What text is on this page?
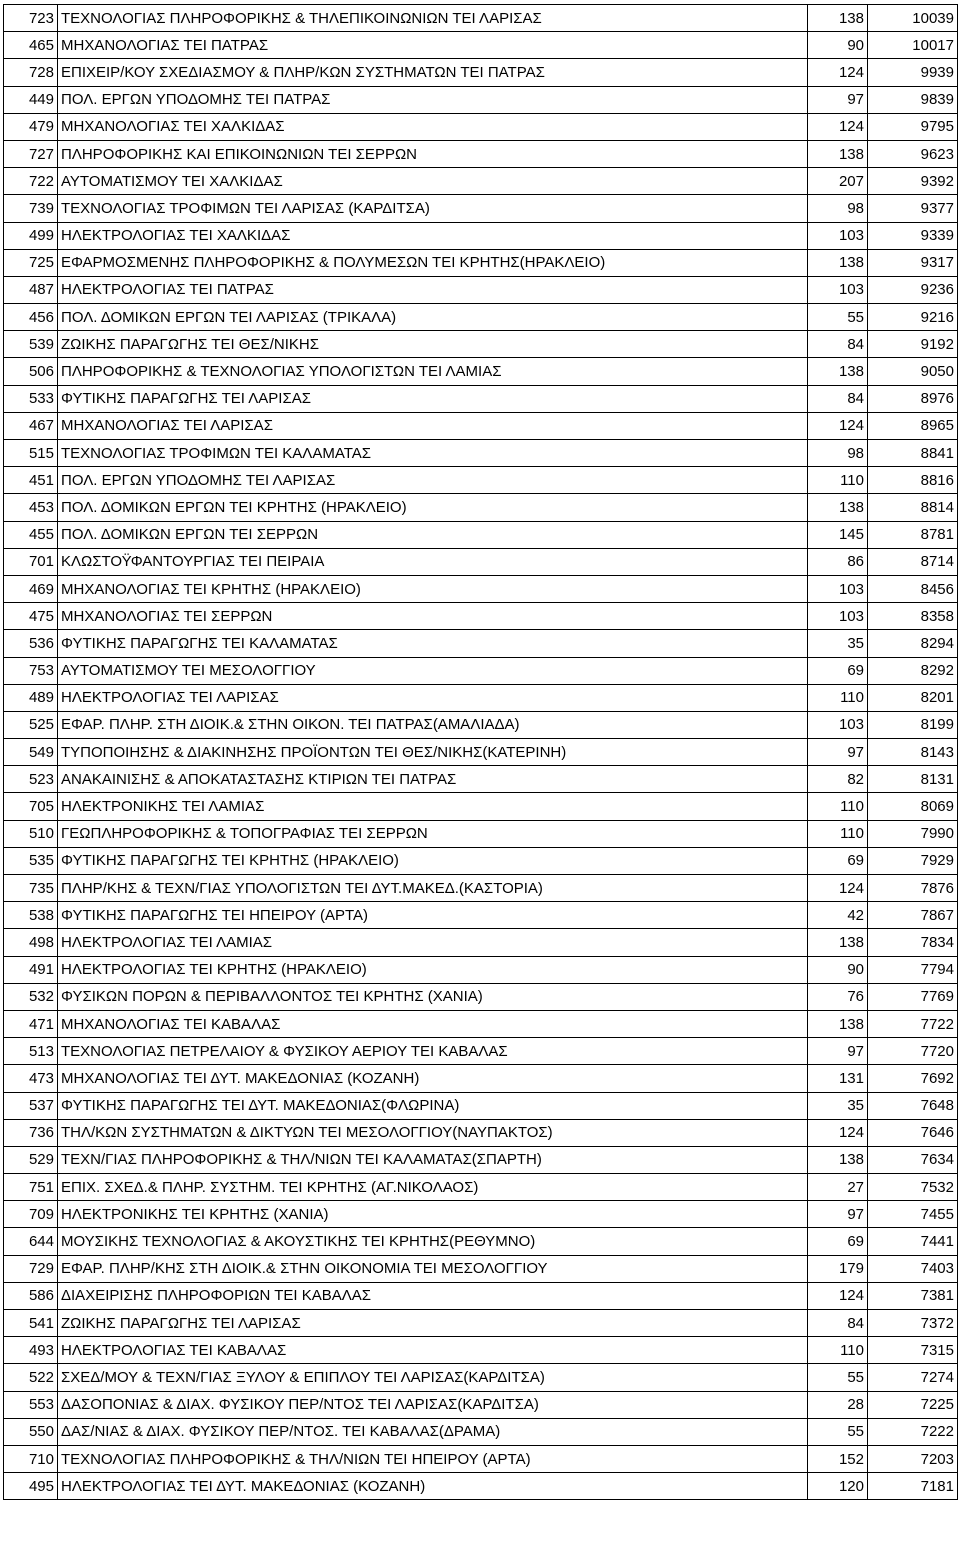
723	ΤΕΧΝΟΛΟΓΙΑΣ ΠΛΗΡΟΦΟΡΙΚΗΣ & ΤΗΛΕΠΙΚΟΙΝΩΝΙΩΝ ΤΕΙ ΛΑΡΙΣΑΣ	138	10039
465	ΜΗΧΑΝΟΛΟΓΙΑΣ ΤΕΙ ΠΑΤΡΑΣ	90	10017
728	ΕΠΙΧΕΙΡ/ΚΟΥ ΣΧΕΔΙΑΣΜΟΥ & ΠΛΗΡ/ΚΩΝ ΣΥΣΤΗΜΑΤΩΝ ΤΕΙ ΠΑΤΡΑΣ	124	9939
449	ΠΟΛ. ΕΡΓΩΝ ΥΠΟΔΟΜΗΣ ΤΕΙ ΠΑΤΡΑΣ	97	9839
479	ΜΗΧΑΝΟΛΟΓΙΑΣ ΤΕΙ ΧΑΛΚΙΔΑΣ	124	9795
727	ΠΛΗΡΟΦΟΡΙΚΗΣ ΚΑΙ ΕΠΙΚΟΙΝΩΝΙΩΝ ΤΕΙ ΣΕΡΡΩΝ	138	9623
722	ΑΥΤΟΜΑΤΙΣΜΟΥ ΤΕΙ ΧΑΛΚΙΔΑΣ	207	9392
739	ΤΕΧΝΟΛΟΓΙΑΣ ΤΡΟΦΙΜΩΝ ΤΕΙ ΛΑΡΙΣΑΣ (ΚΑΡΔΙΤΣΑ)	98	9377
499	ΗΛΕΚΤΡΟΛΟΓΙΑΣ ΤΕΙ ΧΑΛΚΙΔΑΣ	103	9339
725	ΕΦΑΡΜΟΣΜΕΝΗΣ ΠΛΗΡΟΦΟΡΙΚΗΣ & ΠΟΛΥΜΕΣΩΝ ΤΕΙ ΚΡΗΤΗΣ(ΗΡΑΚΛΕΙΟ)	138	9317
487	ΗΛΕΚΤΡΟΛΟΓΙΑΣ ΤΕΙ ΠΑΤΡΑΣ	103	9236
456	ΠΟΛ. ΔΟΜΙΚΩΝ ΕΡΓΩΝ ΤΕΙ ΛΑΡΙΣΑΣ (ΤΡΙΚΑΛΑ)	55	9216
539	ΖΩΙΚΗΣ ΠΑΡΑΓΩΓΗΣ ΤΕΙ ΘΕΣ/ΝΙΚΗΣ	84	9192
506	ΠΛΗΡΟΦΟΡΙΚΗΣ & ΤΕΧΝΟΛΟΓΙΑΣ ΥΠΟΛΟΓΙΣΤΩΝ ΤΕΙ ΛΑΜΙΑΣ	138	9050
533	ΦΥΤΙΚΗΣ ΠΑΡΑΓΩΓΗΣ ΤΕΙ ΛΑΡΙΣΑΣ	84	8976
467	ΜΗΧΑΝΟΛΟΓΙΑΣ ΤΕΙ ΛΑΡΙΣΑΣ	124	8965
515	ΤΕΧΝΟΛΟΓΙΑΣ ΤΡΟΦΙΜΩΝ ΤΕΙ ΚΑΛΑΜΑΤΑΣ	98	8841
451	ΠΟΛ. ΕΡΓΩΝ ΥΠΟΔΟΜΗΣ ΤΕΙ ΛΑΡΙΣΑΣ	110	8816
453	ΠΟΛ. ΔΟΜΙΚΩΝ ΕΡΓΩΝ ΤΕΙ ΚΡΗΤΗΣ (ΗΡΑΚΛΕΙΟ)	138	8814
455	ΠΟΛ. ΔΟΜΙΚΩΝ ΕΡΓΩΝ ΤΕΙ ΣΕΡΡΩΝ	145	8781
701	ΚΛΩΣΤΟΫΦΑΝΤΟΥΡΓΙΑΣ ΤΕΙ ΠΕΙΡΑΙΑ	86	8714
469	ΜΗΧΑΝΟΛΟΓΙΑΣ ΤΕΙ ΚΡΗΤΗΣ (ΗΡΑΚΛΕΙΟ)	103	8456
475	ΜΗΧΑΝΟΛΟΓΙΑΣ ΤΕΙ ΣΕΡΡΩΝ	103	8358
536	ΦΥΤΙΚΗΣ ΠΑΡΑΓΩΓΗΣ ΤΕΙ ΚΑΛΑΜΑΤΑΣ	35	8294
753	ΑΥΤΟΜΑΤΙΣΜΟΥ ΤΕΙ ΜΕΣΟΛΟΓΓΙΟΥ	69	8292
489	ΗΛΕΚΤΡΟΛΟΓΙΑΣ ΤΕΙ ΛΑΡΙΣΑΣ	110	8201
525	ΕΦΑΡ. ΠΛΗΡ. ΣΤΗ ΔΙΟΙΚ.& ΣΤΗΝ ΟΙΚΟΝ. ΤΕΙ ΠΑΤΡΑΣ(ΑΜΑΛΙΑΔΑ)	103	8199
549	ΤΥΠΟΠΟΙΗΣΗΣ & ΔΙΑΚΙΝΗΣΗΣ ΠΡΟΪΟΝΤΩΝ ΤΕΙ ΘΕΣ/ΝΙΚΗΣ(ΚΑΤΕΡΙΝΗ)	97	8143
523	ΑΝΑΚΑΙΝΙΣΗΣ & ΑΠΟΚΑΤΑΣΤΑΣΗΣ ΚΤΙΡΙΩΝ ΤΕΙ ΠΑΤΡΑΣ	82	8131
705	ΗΛΕΚΤΡΟΝΙΚΗΣ ΤΕΙ ΛΑΜΙΑΣ	110	8069
510	ΓΕΩΠΛΗΡΟΦΟΡΙΚΗΣ & ΤΟΠΟΓΡΑΦΙΑΣ ΤΕΙ ΣΕΡΡΩΝ	110	7990
535	ΦΥΤΙΚΗΣ ΠΑΡΑΓΩΓΗΣ ΤΕΙ ΚΡΗΤΗΣ (ΗΡΑΚΛΕΙΟ)	69	7929
735	ΠΛΗΡ/ΚΗΣ & ΤΕΧΝ/ΓΙΑΣ ΥΠΟΛΟΓΙΣΤΩΝ ΤΕΙ ΔΥΤ.ΜΑΚΕΔ.(ΚΑΣΤΟΡΙΑ)	124	7876
538	ΦΥΤΙΚΗΣ ΠΑΡΑΓΩΓΗΣ ΤΕΙ ΗΠΕΙΡΟΥ (ΑΡΤΑ)	42	7867
498	ΗΛΕΚΤΡΟΛΟΓΙΑΣ ΤΕΙ ΛΑΜΙΑΣ	138	7834
491	ΗΛΕΚΤΡΟΛΟΓΙΑΣ ΤΕΙ ΚΡΗΤΗΣ (ΗΡΑΚΛΕΙΟ)	90	7794
532	ΦΥΣΙΚΩΝ ΠΟΡΩΝ & ΠΕΡΙΒΑΛΛΟΝΤΟΣ ΤΕΙ ΚΡΗΤΗΣ (ΧΑΝΙΑ)	76	7769
471	ΜΗΧΑΝΟΛΟΓΙΑΣ ΤΕΙ ΚΑΒΑΛΑΣ	138	7722
513	ΤΕΧΝΟΛΟΓΙΑΣ ΠΕΤΡΕΛΑΙΟΥ & ΦΥΣΙΚΟΥ ΑΕΡΙΟΥ ΤΕΙ ΚΑΒΑΛΑΣ	97	7720
473	ΜΗΧΑΝΟΛΟΓΙΑΣ ΤΕΙ ΔΥΤ. ΜΑΚΕΔΟΝΙΑΣ (ΚΟΖΑΝΗ)	131	7692
537	ΦΥΤΙΚΗΣ ΠΑΡΑΓΩΓΗΣ ΤΕΙ ΔΥΤ. ΜΑΚΕΔΟΝΙΑΣ(ΦΛΩΡΙΝΑ)	35	7648
736	ΤΗΛ/ΚΩΝ ΣΥΣΤΗΜΑΤΩΝ & ΔΙΚΤΥΩΝ ΤΕΙ ΜΕΣΟΛΟΓΓΙΟΥ(ΝΑΥΠΑΚΤΟΣ)	124	7646
529	ΤΕΧΝ/ΓΙΑΣ ΠΛΗΡΟΦΟΡΙΚΗΣ & ΤΗΛ/ΝΙΩΝ ΤΕΙ ΚΑΛΑΜΑΤΑΣ(ΣΠΑΡΤΗ)	138	7634
751	ΕΠΙΧ. ΣΧΕΔ.& ΠΛΗΡ. ΣΥΣΤΗΜ. ΤΕΙ ΚΡΗΤΗΣ (ΑΓ.ΝΙΚΟΛΑΟΣ)	27	7532
709	ΗΛΕΚΤΡΟΝΙΚΗΣ ΤΕΙ ΚΡΗΤΗΣ (ΧΑΝΙΑ)	97	7455
644	ΜΟΥΣΙΚΗΣ ΤΕΧΝΟΛΟΓΙΑΣ & ΑΚΟΥΣΤΙΚΗΣ ΤΕΙ ΚΡΗΤΗΣ(ΡΕΘΥΜΝΟ)	69	7441
729	ΕΦΑΡ. ΠΛΗΡ/ΚΗΣ ΣΤΗ ΔΙΟΙΚ.& ΣΤΗΝ ΟΙΚΟΝΟΜΙΑ ΤΕΙ ΜΕΣΟΛΟΓΓΙΟΥ	179	7403
586	ΔΙΑΧΕΙΡΙΣΗΣ ΠΛΗΡΟΦΟΡΙΩΝ ΤΕΙ ΚΑΒΑΛΑΣ	124	7381
541	ΖΩΙΚΗΣ ΠΑΡΑΓΩΓΗΣ ΤΕΙ ΛΑΡΙΣΑΣ	84	7372
493	ΗΛΕΚΤΡΟΛΟΓΙΑΣ ΤΕΙ ΚΑΒΑΛΑΣ	110	7315
522	ΣΧΕΔ/ΜΟΥ & ΤΕΧΝ/ΓΙΑΣ ΞΥΛΟΥ & ΕΠΙΠΛΟΥ ΤΕΙ ΛΑΡΙΣΑΣ(ΚΑΡΔΙΤΣΑ)	55	7274
553	ΔΑΣΟΠΟΝΙΑΣ & ΔΙΑΧ. ΦΥΣΙΚΟΥ ΠΕΡ/ΝΤΟΣ ΤΕΙ ΛΑΡΙΣΑΣ(ΚΑΡΔΙΤΣΑ)	28	7225
550	ΔΑΣ/ΝΙΑΣ & ΔΙΑΧ. ΦΥΣΙΚΟΥ ΠΕΡ/ΝΤΟΣ. ΤΕΙ ΚΑΒΑΛΑΣ(ΔΡΑΜΑ)	55	7222
710	ΤΕΧΝΟΛΟΓΙΑΣ ΠΛΗΡΟΦΟΡΙΚΗΣ & ΤΗΛ/ΝΙΩΝ ΤΕΙ ΗΠΕΙΡΟΥ (ΑΡΤΑ)	152	7203
495	ΗΛΕΚΤΡΟΛΟΓΙΑΣ ΤΕΙ ΔΥΤ. ΜΑΚΕΔΟΝΙΑΣ (ΚΟΖΑΝΗ)	120	7181
